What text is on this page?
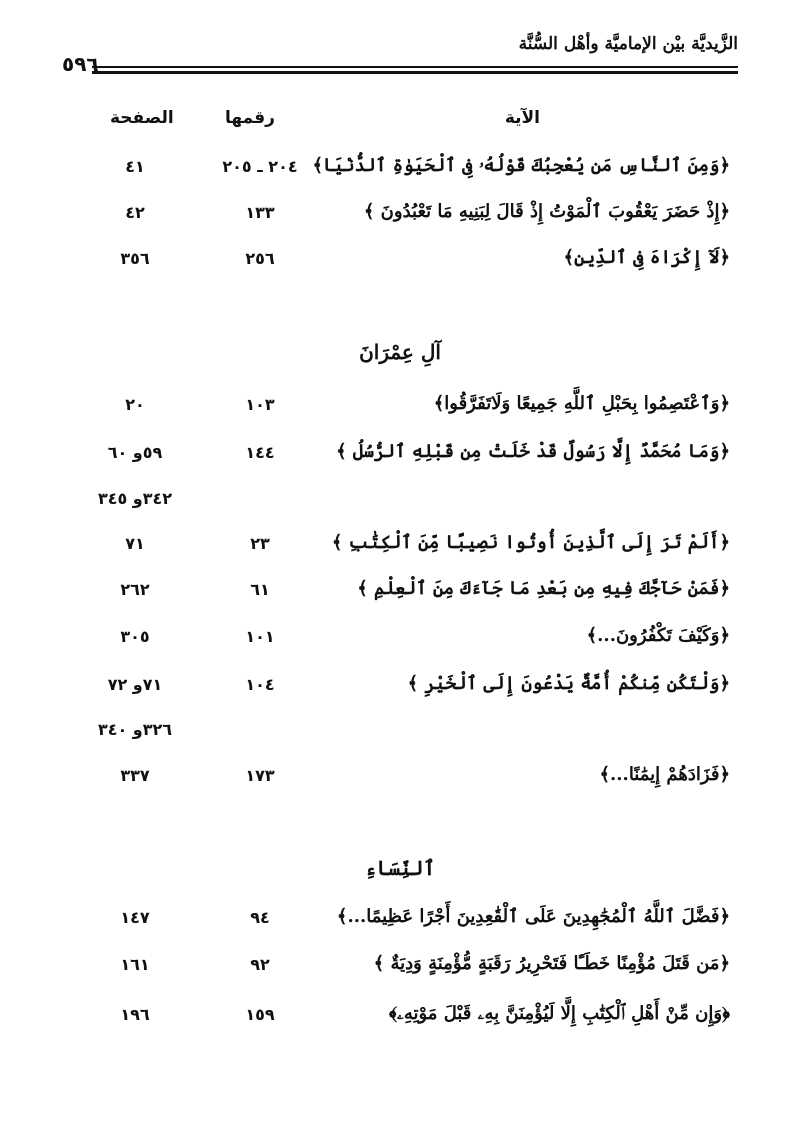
الزَّيديَّة بيْن الإماميَّة وأهْل السُّنَّة
٥٩٦
الآية
رقمها
الصفحة
﴿وَمِنَ ٱلنَّاسِ مَن يُعْجِبُكَ قَوْلُهُۥ فِى ٱلْحَيَوٰةِ ٱلدُّنْيَا﴾
٢٠٤ ـ ٢٠٥
٤١
﴿إِذْ حَضَرَ يَعْقُوبَ ٱلْمَوْتُ إِذْ قَالَ لِبَنِيهِ مَا تَعْبُدُونَ ﴾
١٣٣
٤٢
﴿لَآ إِكْرَاهَ فِى ٱلدِّينِ﴾
٢٥٦
٣٥٦
آلِ عِمْرَانَ
﴿وَٱعْتَصِمُوا بِحَبْلِ ٱللَّهِ جَمِيعًا وَلَاتَفَرَّقُوا﴾
١٠٣
٢٠
﴿وَمَا مُحَمَّدٌ إِلَّا رَسُولٌ قَدْ خَلَتْ مِن قَبْلِهِ ٱلرُّسُلُ ﴾
١٤٤
٥٩و ٦٠
٣٤٢و ٣٤٥
﴿أَلَمْ تَرَ إِلَى ٱلَّذِينَ أُوتُوا نَصِيبًا مِّنَ ٱلْكِتَٰبِ ﴾
٢٣
٧١
﴿فَمَنْ حَآجَّكَ فِيهِ مِن بَعْدِ مَا جَآءَكَ مِنَ ٱلْعِلْمِ ﴾
٦١
٢٦٢
﴿وَكَيْفَ تَكْفُرُونَ...﴾
١٠١
٣٠٥
﴿وَلْتَكُن مِّنكُمْ أُمَّةٌ يَدْعُونَ إِلَى ٱلْخَيْرِ ﴾
١٠٤
٧١و ٧٢
٣٢٦و ٣٤٠
﴿فَزَادَهُمْ إِيمَٰنًا...﴾
١٧٣
٣٣٧
ٱلنِّسَاءِ
﴿فَضَّلَ ٱللَّهُ ٱلْمُجَٰهِدِينَ عَلَى ٱلْقَٰعِدِينَ أَجْرًا عَظِيمًا...﴾
٩٤
١٤٧
﴿مَن قَتَلَ مُؤْمِنًا خَطَـًٔا فَتَحْرِيرُ رَقَبَةٍ مُّؤْمِنَةٍ وَدِيَةٌ ﴾
٩٢
١٦١
﴿وَإِن مِّنْ أَهْلِ ٱلْكِتَٰبِ إِلَّا لَيُؤْمِنَنَّ بِهِۦ قَبْلَ مَوْتِهِۦ﴾
١٥٩
١٩٦
